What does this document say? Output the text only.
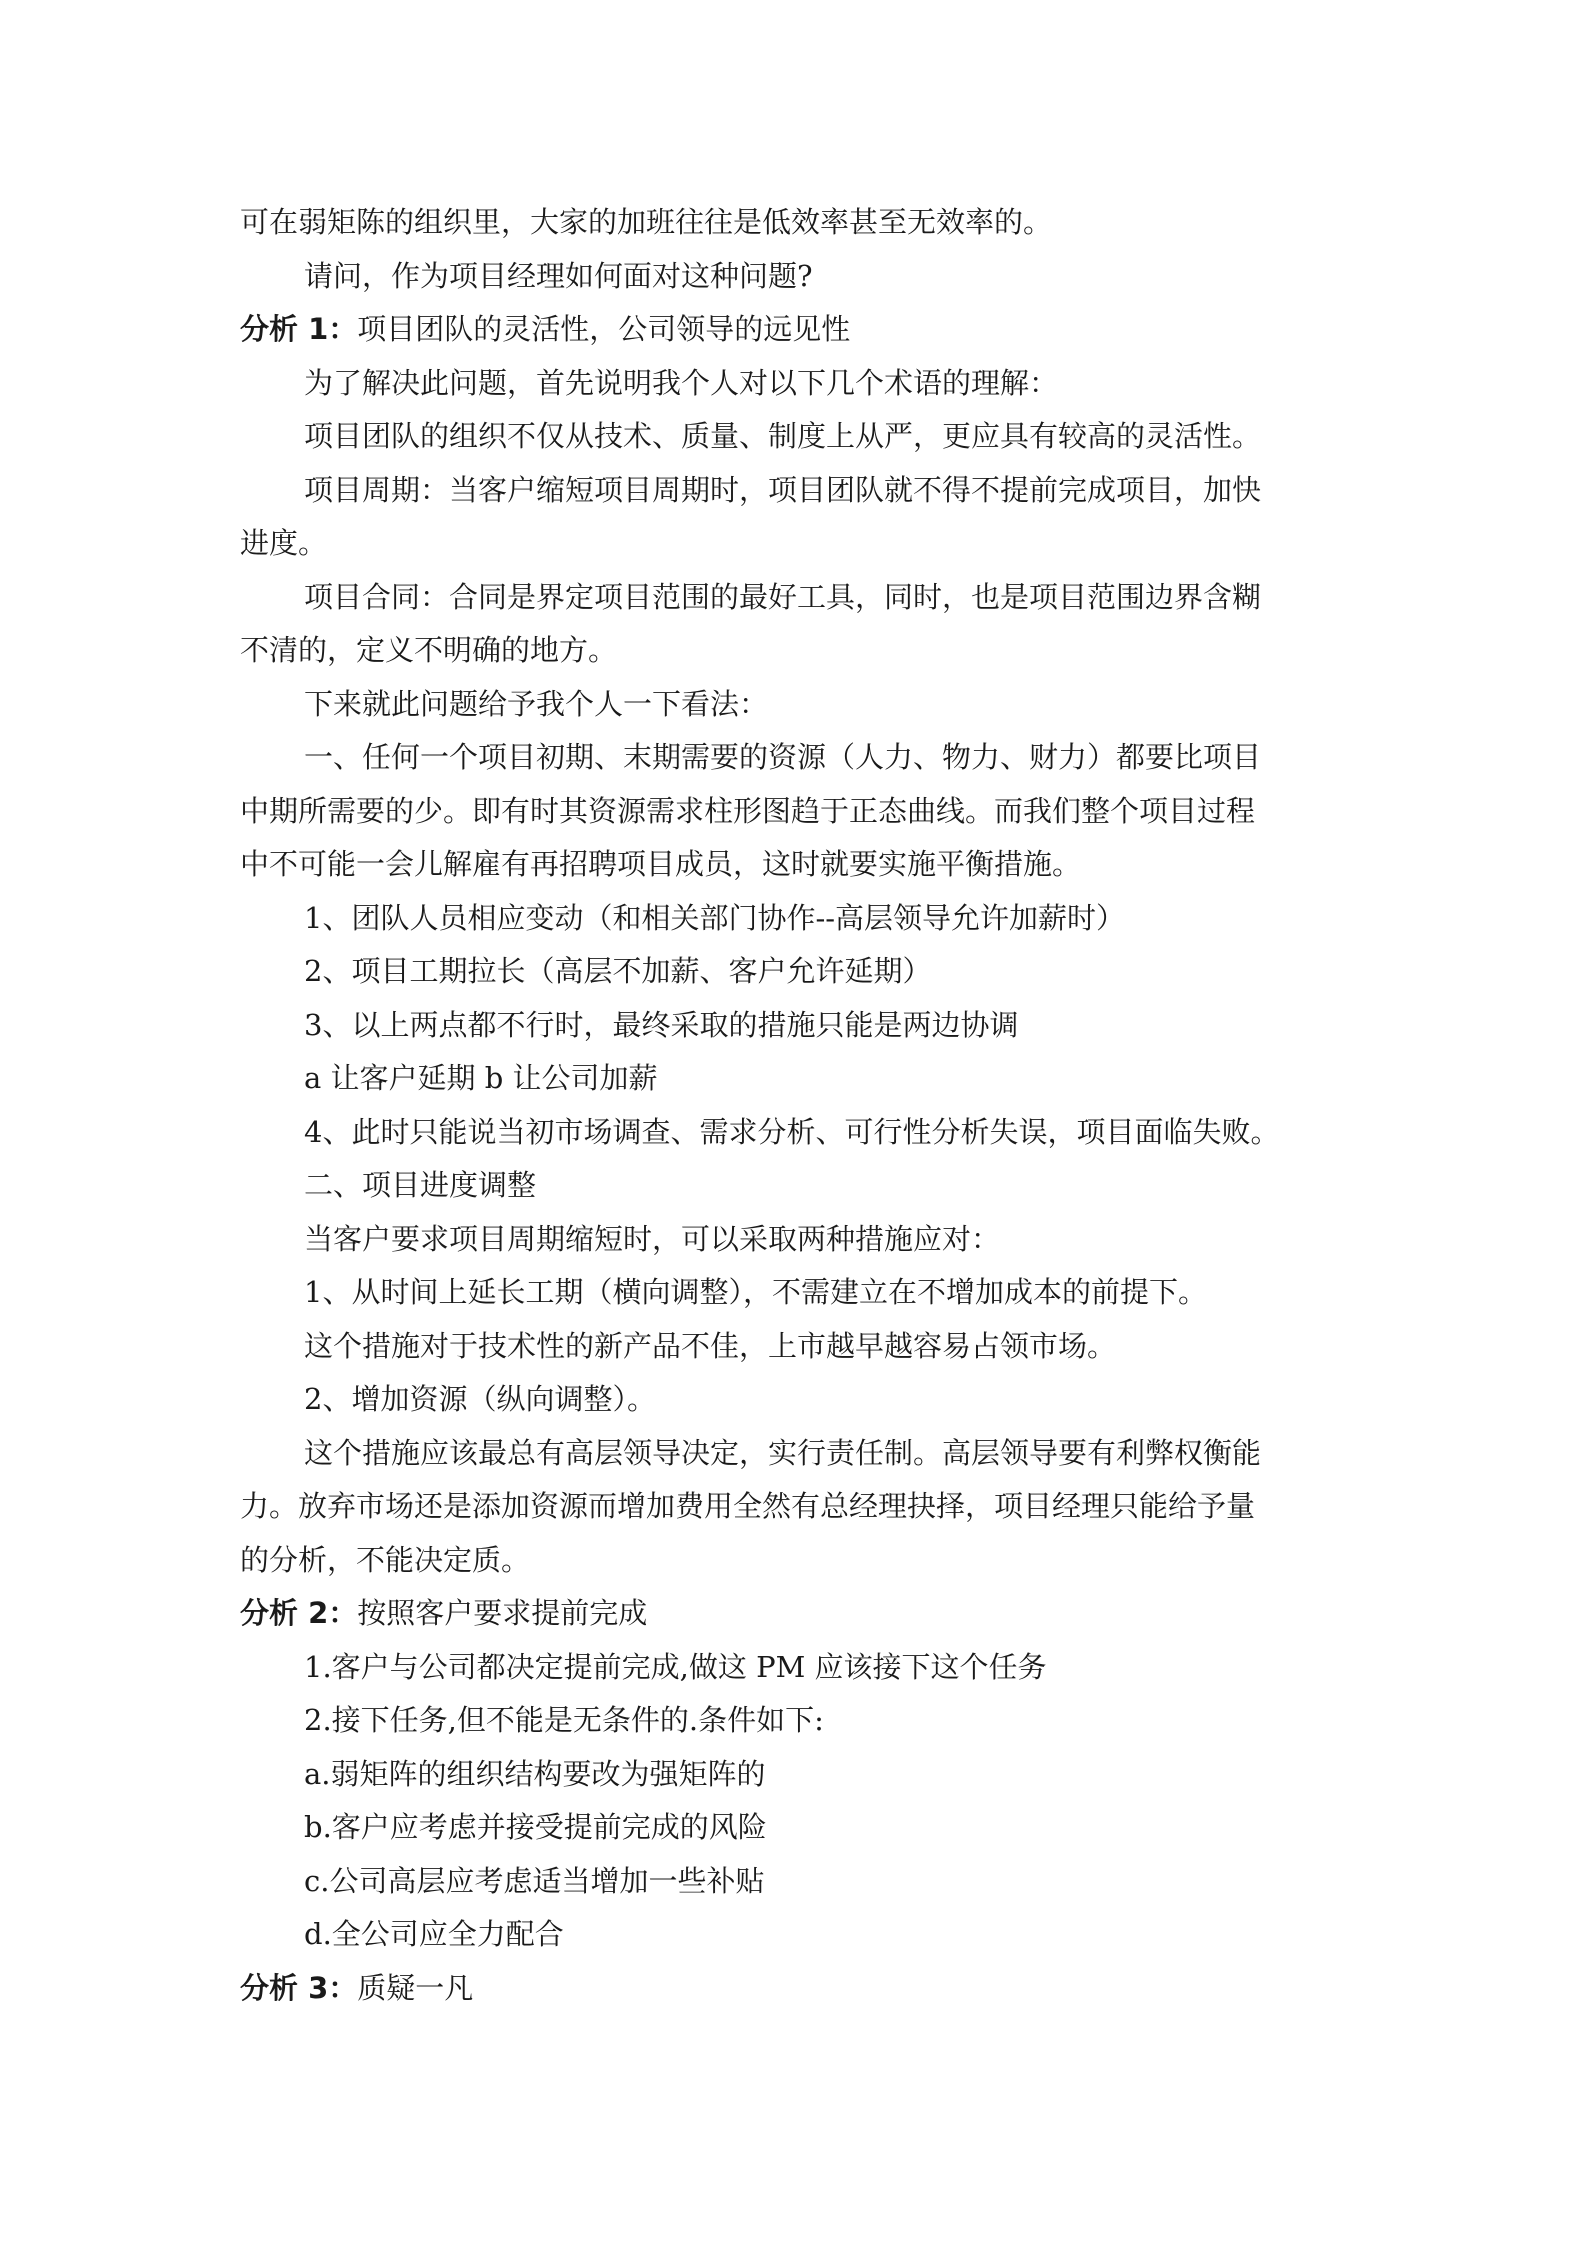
可在弱矩陈的组织里，大家的加班往往是低效率甚至无效率的。
请问，作为项目经理如何面对这种问题?
分析 1：项目团队的灵活性，公司领导的远见性
为了解决此问题，首先说明我个人对以下几个术语的理解：
项目团队的组织不仅从技术、质量、制度上从严，更应具有较高的灵活性。
项目周期：当客户缩短项目周期时，项目团队就不得不提前完成项目，加快
进度。
项目合同：合同是界定项目范围的最好工具，同时，也是项目范围边界含糊
不清的，定义不明确的地方。
下来就此问题给予我个人一下看法：
一、任何一个项目初期、末期需要的资源（人力、物力、财力）都要比项目
中期所需要的少。即有时其资源需求柱形图趋于正态曲线。而我们整个项目过程
中不可能一会儿解雇有再招聘项目成员，这时就要实施平衡措施。
1、团队人员相应变动（和相关部门协作--高层领导允许加薪时）
2、项目工期拉长（高层不加薪、客户允许延期）
3、以上两点都不行时，最终采取的措施只能是两边协调
a 让客户延期 b 让公司加薪
4、此时只能说当初市场调查、需求分析、可行性分析失误，项目面临失败。
二、项目进度调整
当客户要求项目周期缩短时，可以采取两种措施应对：
1、从时间上延长工期（横向调整），不需建立在不增加成本的前提下。
这个措施对于技术性的新产品不佳，上市越早越容易占领市场。
2、增加资源（纵向调整）。
这个措施应该最总有高层领导决定，实行责任制。高层领导要有利弊权衡能
力。放弃市场还是添加资源而增加费用全然有总经理抉择，项目经理只能给予量
的分析，不能决定质。
分析 2：按照客户要求提前完成
1.客户与公司都决定提前完成,做这 PM 应该接下这个任务
2.接下任务,但不能是无条件的.条件如下:
a.弱矩阵的组织结构要改为强矩阵的
b.客户应考虑并接受提前完成的风险
c.公司高层应考虑适当增加一些补贴
d.全公司应全力配合
分析 3：质疑一凡
